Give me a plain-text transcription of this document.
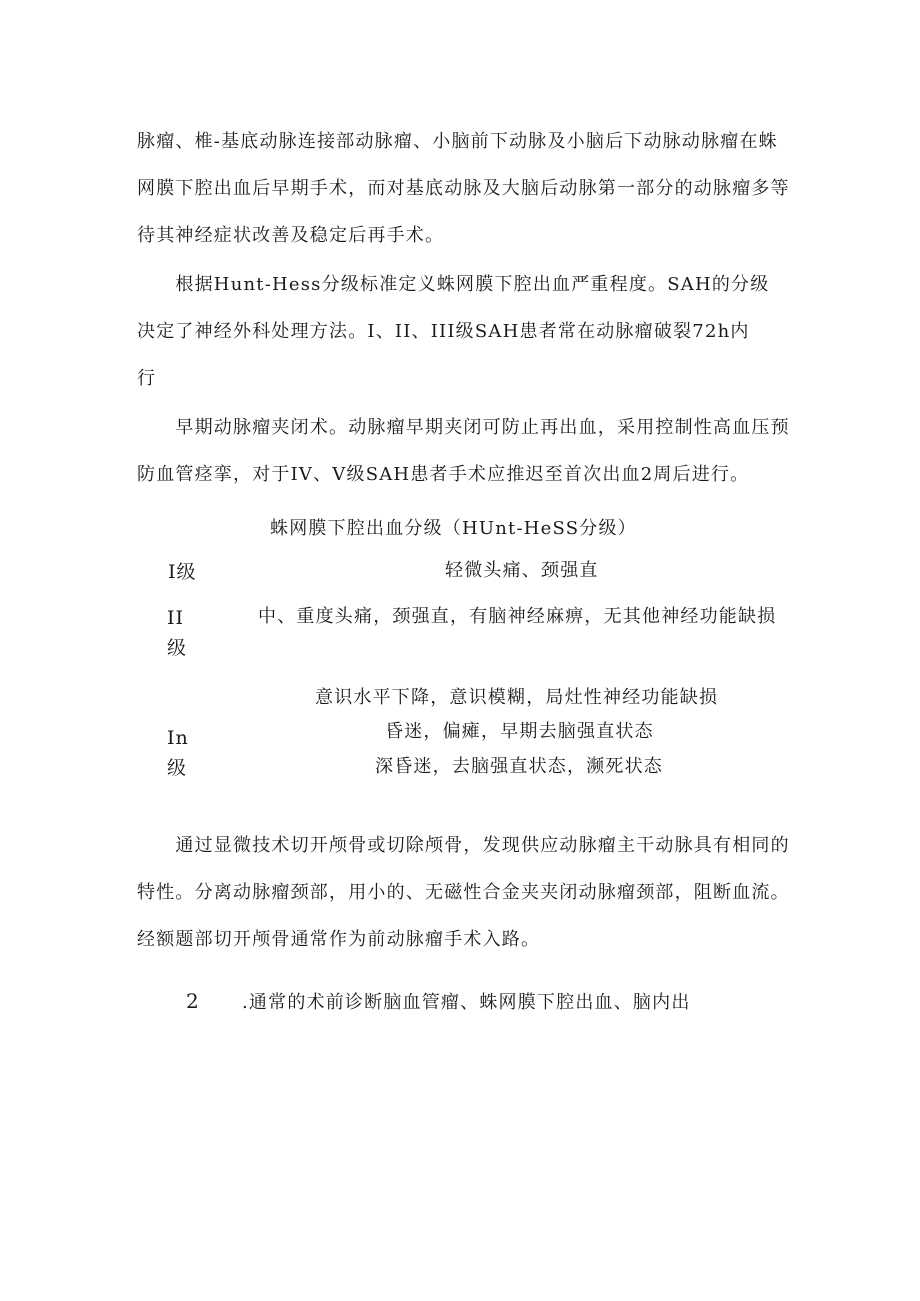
脉瘤、椎-基底动脉连接部动脉瘤、小脑前下动脉及小脑后下动脉动脉瘤在蛛
网膜下腔出血后早期手术，而对基底动脉及大脑后动脉第一部分的动脉瘤多等
待其神经症状改善及稳定后再手术。

　　根据Hunt-Hess分级标准定义蛛网膜下腔出血严重程度。SAH的分级
决定了神经外科处理方法。I、II、III级SAH患者常在动脉瘤破裂72h内
行

　　早期动脉瘤夹闭术。动脉瘤早期夹闭可防止再出血，采用控制性高血压预
防血管痉挛，对于IV、V级SAH患者手术应推迟至首次出血2周后进行。

蛛网膜下腔出血分级（HUnt-HeSS分级）
I级	轻微头痛、颈强直
II
级
中、重度头痛，颈强直，有脑神经麻痹，无其他神经功能缺损
意识水平下降，意识模糊，局灶性神经功能缺损
昏迷，偏瘫，早期去脑强直状态
In
级	深昏迷，去脑强直状态，濒死状态

　　通过显微技术切开颅骨或切除颅骨，发现供应动脉瘤主干动脉具有相同的
特性。分离动脉瘤颈部，用小的、无磁性合金夹夹闭动脉瘤颈部，阻断血流。
经额题部切开颅骨通常作为前动脉瘤手术入路。

2 .通常的术前诊断脑血管瘤、蛛网膜下腔出血、脑内出
